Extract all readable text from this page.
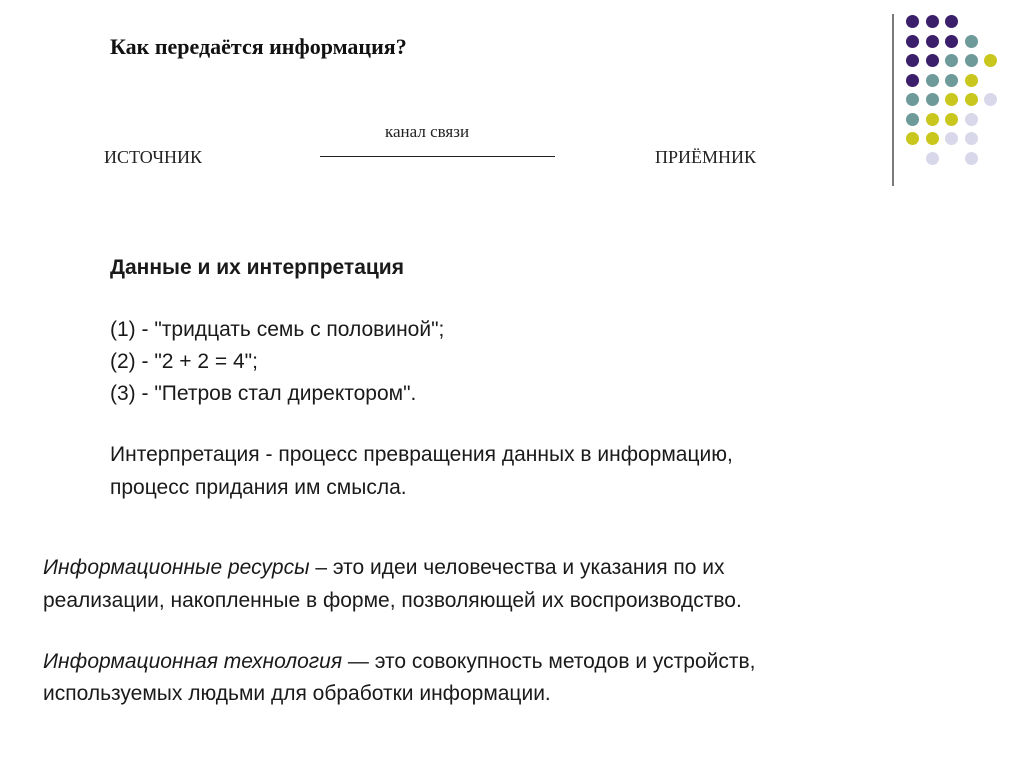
Как передаётся информация?
канал связи
ИСТОЧНИК	ПРИЁМНИК
Данные и их интерпретация
(1) - "тридцать семь с половиной";
(2) - "2 + 2 = 4";
(3) - "Петров стал директором".
Интерпретация - процесс превращения данных в информацию,
процесс придания им смысла.
Информационные ресурсы – это идеи человечества и указания по их
реализации, накопленные в форме, позволяющей их воспроизводство.
Информационная технология — это совокупность методов и устройств,
используемых людьми для обработки информации.
